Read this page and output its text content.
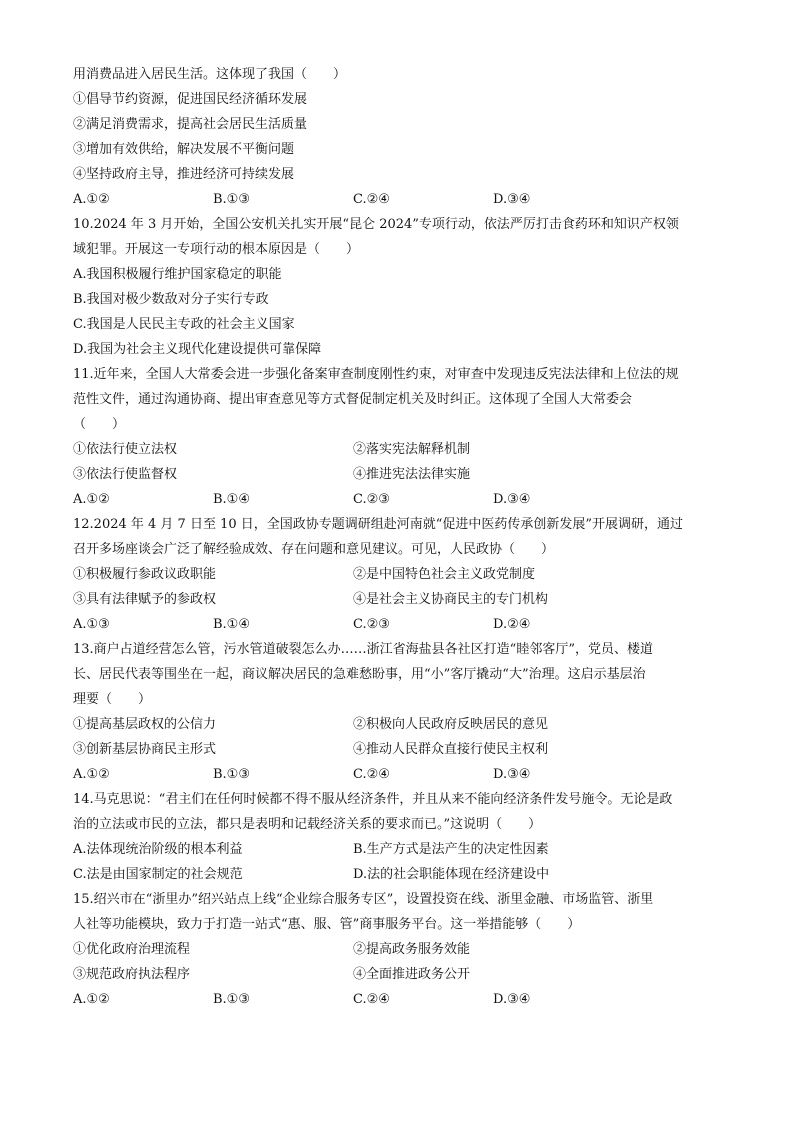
用消费品进入居民生活。这体现了我国（　　）
①倡导节约资源，促进国民经济循环发展
②满足消费需求，提高社会居民生活质量
③增加有效供给，解决发展不平衡问题
④坚持政府主导，推进经济可持续发展
A.①②	B.①③	C.②④	D.③④
10.2024 年 3 月开始，全国公安机关扎实开展“昆仑 2024”专项行动，依法严厉打击食药环和知识产权领
域犯罪。开展这一专项行动的根本原因是（　　）
A.我国积极履行维护国家稳定的职能
B.我国对极少数敌对分子实行专政
C.我国是人民民主专政的社会主义国家
D.我国为社会主义现代化建设提供可靠保障
11.近年来，全国人大常委会进一步强化备案审查制度刚性约束，对审查中发现违反宪法法律和上位法的规
范性文件，通过沟通协商、提出审查意见等方式督促制定机关及时纠正。这体现了全国人大常委会
（　　）
①依法行使立法权	②落实宪法解释机制
③依法行使监督权	④推进宪法法律实施
A.①②	B.①④	C.②③	D.③④
12.2024 年 4 月 7 日至 10 日，全国政协专题调研组赴河南就“促进中医药传承创新发展”开展调研，通过
召开多场座谈会广泛了解经验成效、存在问题和意见建议。可见，人民政协（　　）
①积极履行参政议政职能	②是中国特色社会主义政党制度
③具有法律赋予的参政权	④是社会主义协商民主的专门机构
A.①③	B.①④	C.②③	D.②④
13.商户占道经营怎么管，污水管道破裂怎么办……浙江省海盐县各社区打造“睦邻客厅”，党员、楼道
长、居民代表等围坐在一起，商议解决居民的急难愁盼事，用“小”客厅撬动“大”治理。这启示基层治
理要（　　）
①提高基层政权的公信力	②积极向人民政府反映居民的意见
③创新基层协商民主形式	④推动人民群众直接行使民主权利
A.①②	B.①③	C.②④	D.③④
14.马克思说：“君主们在任何时候都不得不服从经济条件，并且从来不能向经济条件发号施令。无论是政
治的立法或市民的立法，都只是表明和记载经济关系的要求而已。”这说明（　　）
A.法体现统治阶级的根本利益	B.生产方式是法产生的决定性因素
C.法是由国家制定的社会规范	D.法的社会职能体现在经济建设中
15.绍兴市在“浙里办”绍兴站点上线“企业综合服务专区”，设置投资在线、浙里金融、市场监管、浙里
人社等功能模块，致力于打造一站式“惠、服、管”商事服务平台。这一举措能够（　　）
①优化政府治理流程	②提高政务服务效能
③规范政府执法程序	④全面推进政务公开
A.①②	B.①③	C.②④	D.③④
